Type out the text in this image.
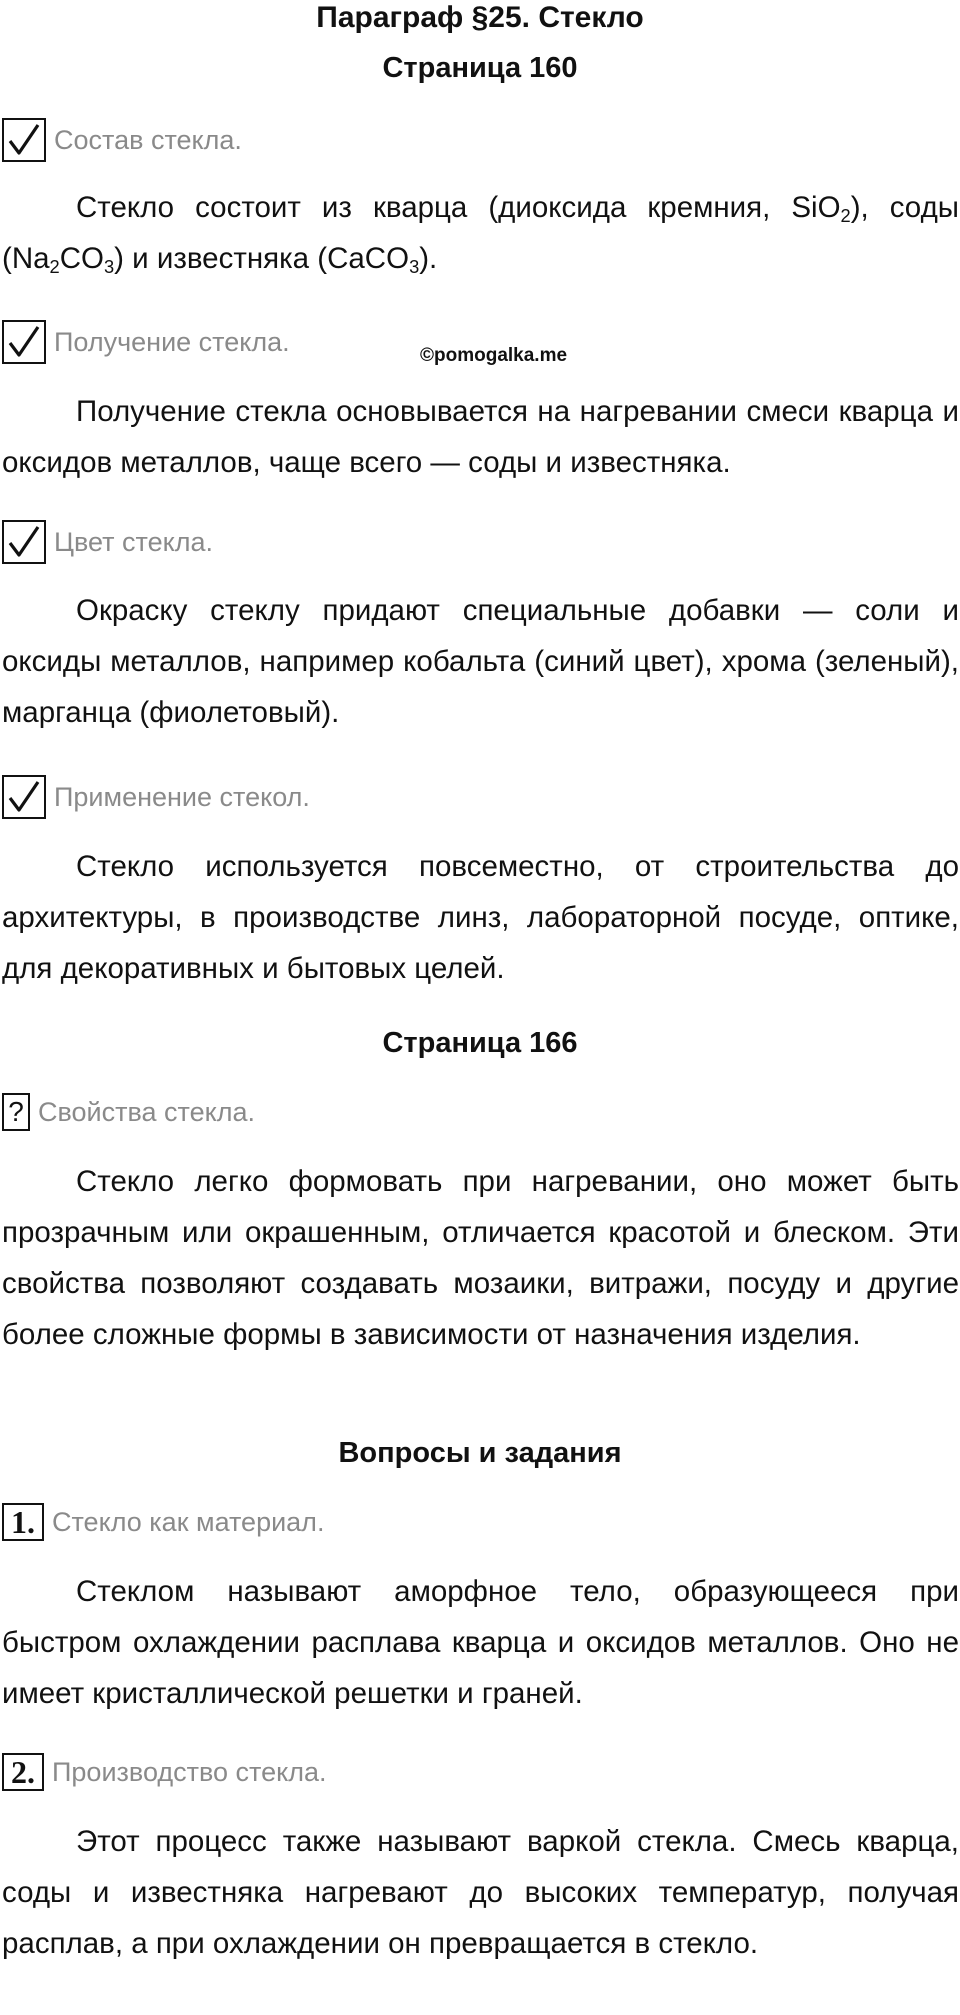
Параграф §25. Стекло
Страница 160
Состав стекла.

Стекло состоит из кварца (диоксида кремния, SiO$_2$), соды $(Na_2CO_3)$ и известняка (CaCO$_3$).

Получение стекла.	©pomogalka.me

Получение стекла основывается на нагревании смеси кварца и оксидов металлов, чаще всего — соды и известняка.

Цвет стекла.

Окраску стеклу придают специальные добавки — соли и оксиды металлов, например кобальта (синий цвет), хрома (зеленый), марганца (фиолетовый).

Применение стекол.

Стекло используется повсеместно, от строительства до архитектуры, в производстве линз, лабораторной посуде, оптике, для декоративных и бытовых целей.

Страница 166
? Свойства стекла.

Стекло легко формовать при нагревании, оно может быть прозрачным или окрашенным, отличается красотой и блеском. Эти свойства позволяют создавать мозаики, витражи, посуду и другие более сложные формы в зависимости от назначения изделия.

Вопросы и задания
1. Стекло как материал.

Стеклом называют аморфное тело, образующееся при быстром охлаждении расплава кварца и оксидов металлов. Оно не имеет кристаллической решетки и граней.

2. Производство стекла.

Этот процесс также называют варкой стекла. Смесь кварца, соды и известняка нагревают до высоких температур, получая расплав, а при охлаждении он превращается в стекло.
